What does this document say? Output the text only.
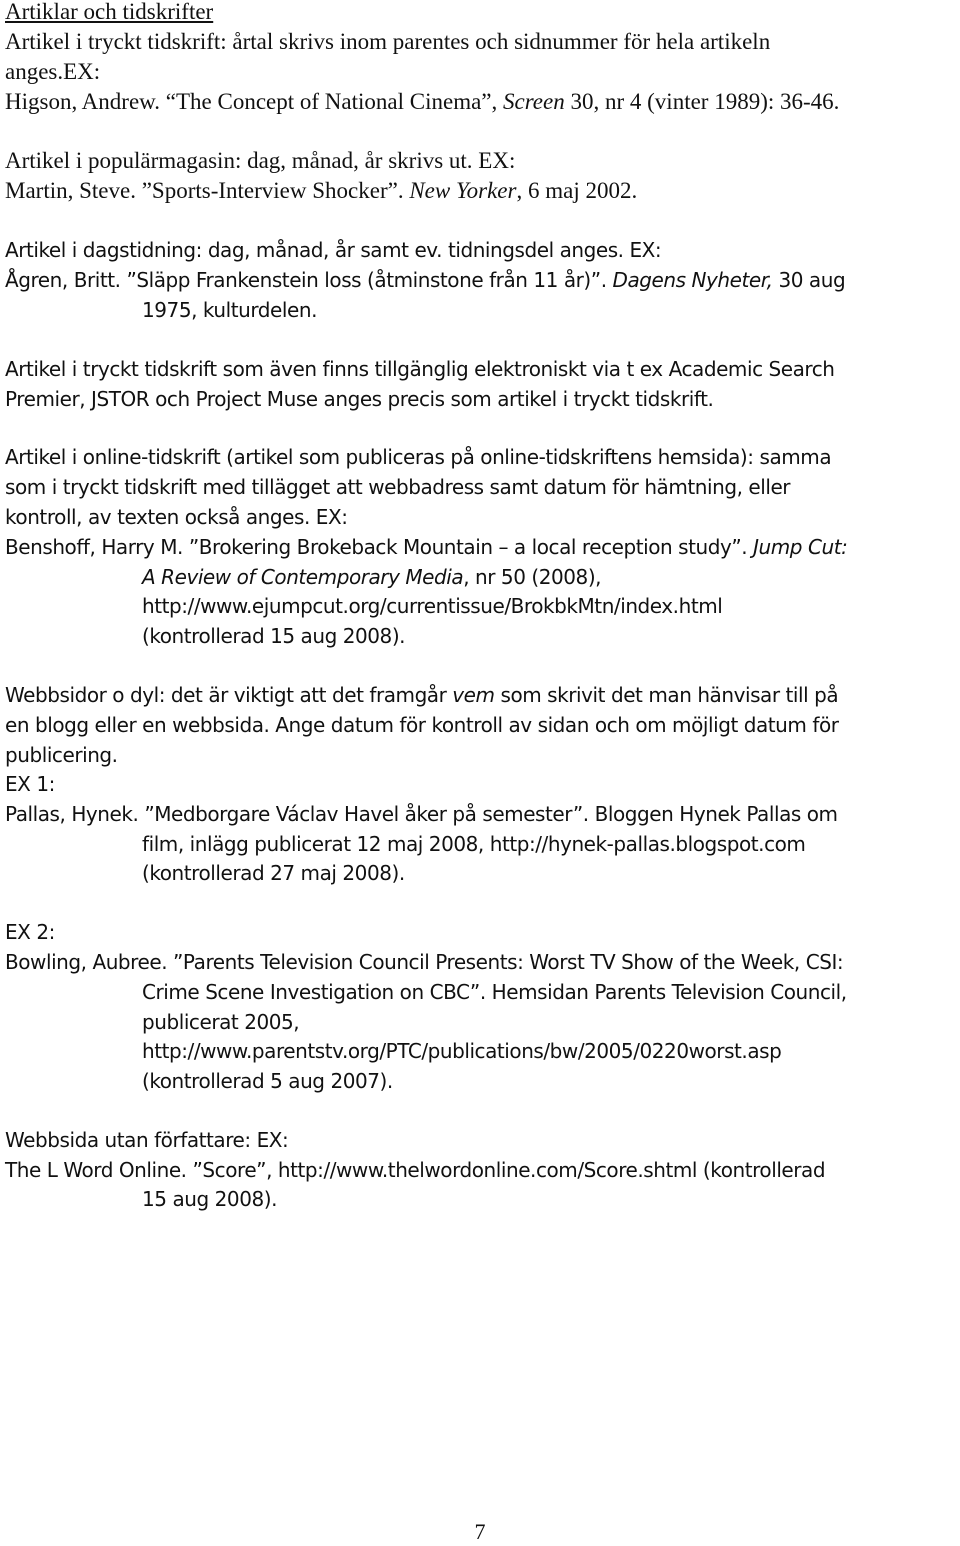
Artiklar och tidskrifter
Artikel i tryckt tidskrift: årtal skrivs inom parentes och sidnummer för hela artikeln
anges.EX:
Higson, Andrew. “The Concept of National Cinema”, Screen 30, nr 4 (vinter 1989): 36-46.
Artikel i populärmagasin: dag, månad, år skrivs ut. EX:
Martin, Steve. ”Sports-Interview Shocker”. New Yorker, 6 maj 2002.
Artikel i dagstidning: dag, månad, år samt ev. tidningsdel anges. EX:
Ågren, Britt. ”Släpp Frankenstein loss (åtminstone från 11 år)”. Dagens Nyheter, 30 aug
1975, kulturdelen.
Artikel i tryckt tidskrift som även finns tillgänglig elektroniskt via t ex Academic Search
Premier, JSTOR och Project Muse anges precis som artikel i tryckt tidskrift.
Artikel i online-tidskrift (artikel som publiceras på online-tidskriftens hemsida): samma
som i tryckt tidskrift med tillägget att webbadress samt datum för hämtning, eller
kontroll, av texten också anges. EX:
Benshoff, Harry M. ”Brokering Brokeback Mountain – a local reception study”. Jump Cut:
A Review of Contemporary Media, nr 50 (2008),
http://www.ejumpcut.org/currentissue/BrokbkMtn/index.html
(kontrollerad 15 aug 2008).
Webbsidor o dyl: det är viktigt att det framgår vem som skrivit det man hänvisar till på
en blogg eller en webbsida. Ange datum för kontroll av sidan och om möjligt datum för
publicering.
EX 1:
Pallas, Hynek. ”Medborgare Václav Havel åker på semester”. Bloggen Hynek Pallas om
film, inlägg publicerat 12 maj 2008, http://hynek-pallas.blogspot.com
(kontrollerad 27 maj 2008).
EX 2:
Bowling, Aubree. ”Parents Television Council Presents: Worst TV Show of the Week, CSI:
Crime Scene Investigation on CBC”. Hemsidan Parents Television Council,
publicerat 2005,
http://www.parentstv.org/PTC/publications/bw/2005/0220worst.asp
(kontrollerad 5 aug 2007).
Webbsida utan författare: EX:
The L Word Online. ”Score”, http://www.thelwordonline.com/Score.shtml (kontrollerad
15 aug 2008).
7
